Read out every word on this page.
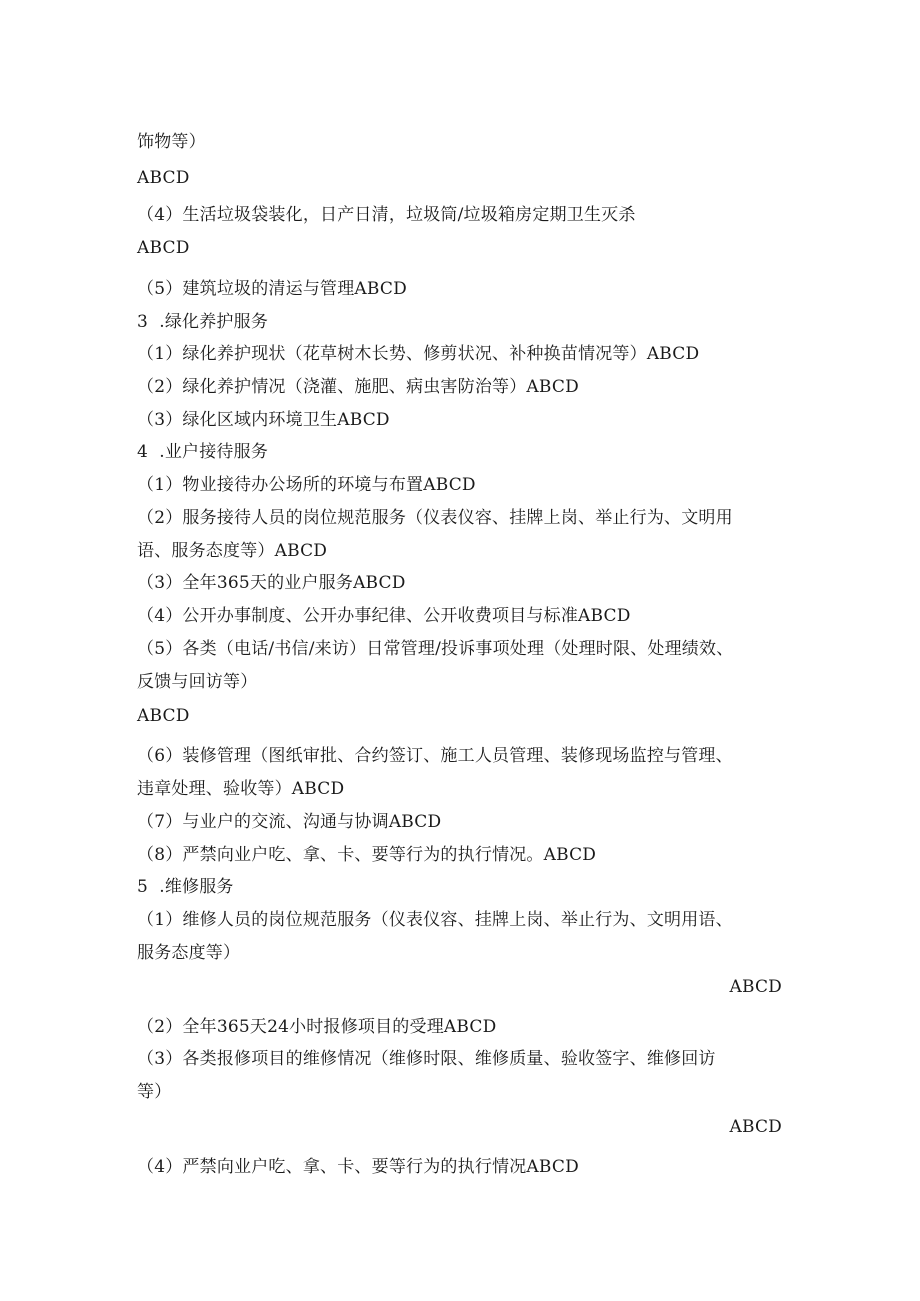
饰物等）
ABCD
（4）生活垃圾袋装化，日产日清，垃圾筒/垃圾箱房定期卫生灭杀
ABCD
（5）建筑垃圾的清运与管理ABCD
3  .绿化养护服务
（1）绿化养护现状（花草树木长势、修剪状况、补种换苗情况等）ABCD
（2）绿化养护情况（浇灌、施肥、病虫害防治等）ABCD
（3）绿化区域内环境卫生ABCD
4  .业户接待服务
（1）物业接待办公场所的环境与布置ABCD
（2）服务接待人员的岗位规范服务（仪表仪容、挂牌上岗、举止行为、文明用
语、服务态度等）ABCD
（3）全年365天的业户服务ABCD
（4）公开办事制度、公开办事纪律、公开收费项目与标准ABCD
（5）各类（电话/书信/来访）日常管理/投诉事项处理（处理时限、处理绩效、
反馈与回访等）
ABCD
（6）装修管理（图纸审批、合约签订、施工人员管理、装修现场监控与管理、
违章处理、验收等）ABCD
（7）与业户的交流、沟通与协调ABCD
（8）严禁向业户吃、拿、卡、要等行为的执行情况。ABCD
5  .维修服务
（1）维修人员的岗位规范服务（仪表仪容、挂牌上岗、举止行为、文明用语、
服务态度等）
ABCD
（2）全年365天24小时报修项目的受理ABCD
（3）各类报修项目的维修情况（维修时限、维修质量、验收签字、维修回访
等）
ABCD
（4）严禁向业户吃、拿、卡、要等行为的执行情况ABCD
